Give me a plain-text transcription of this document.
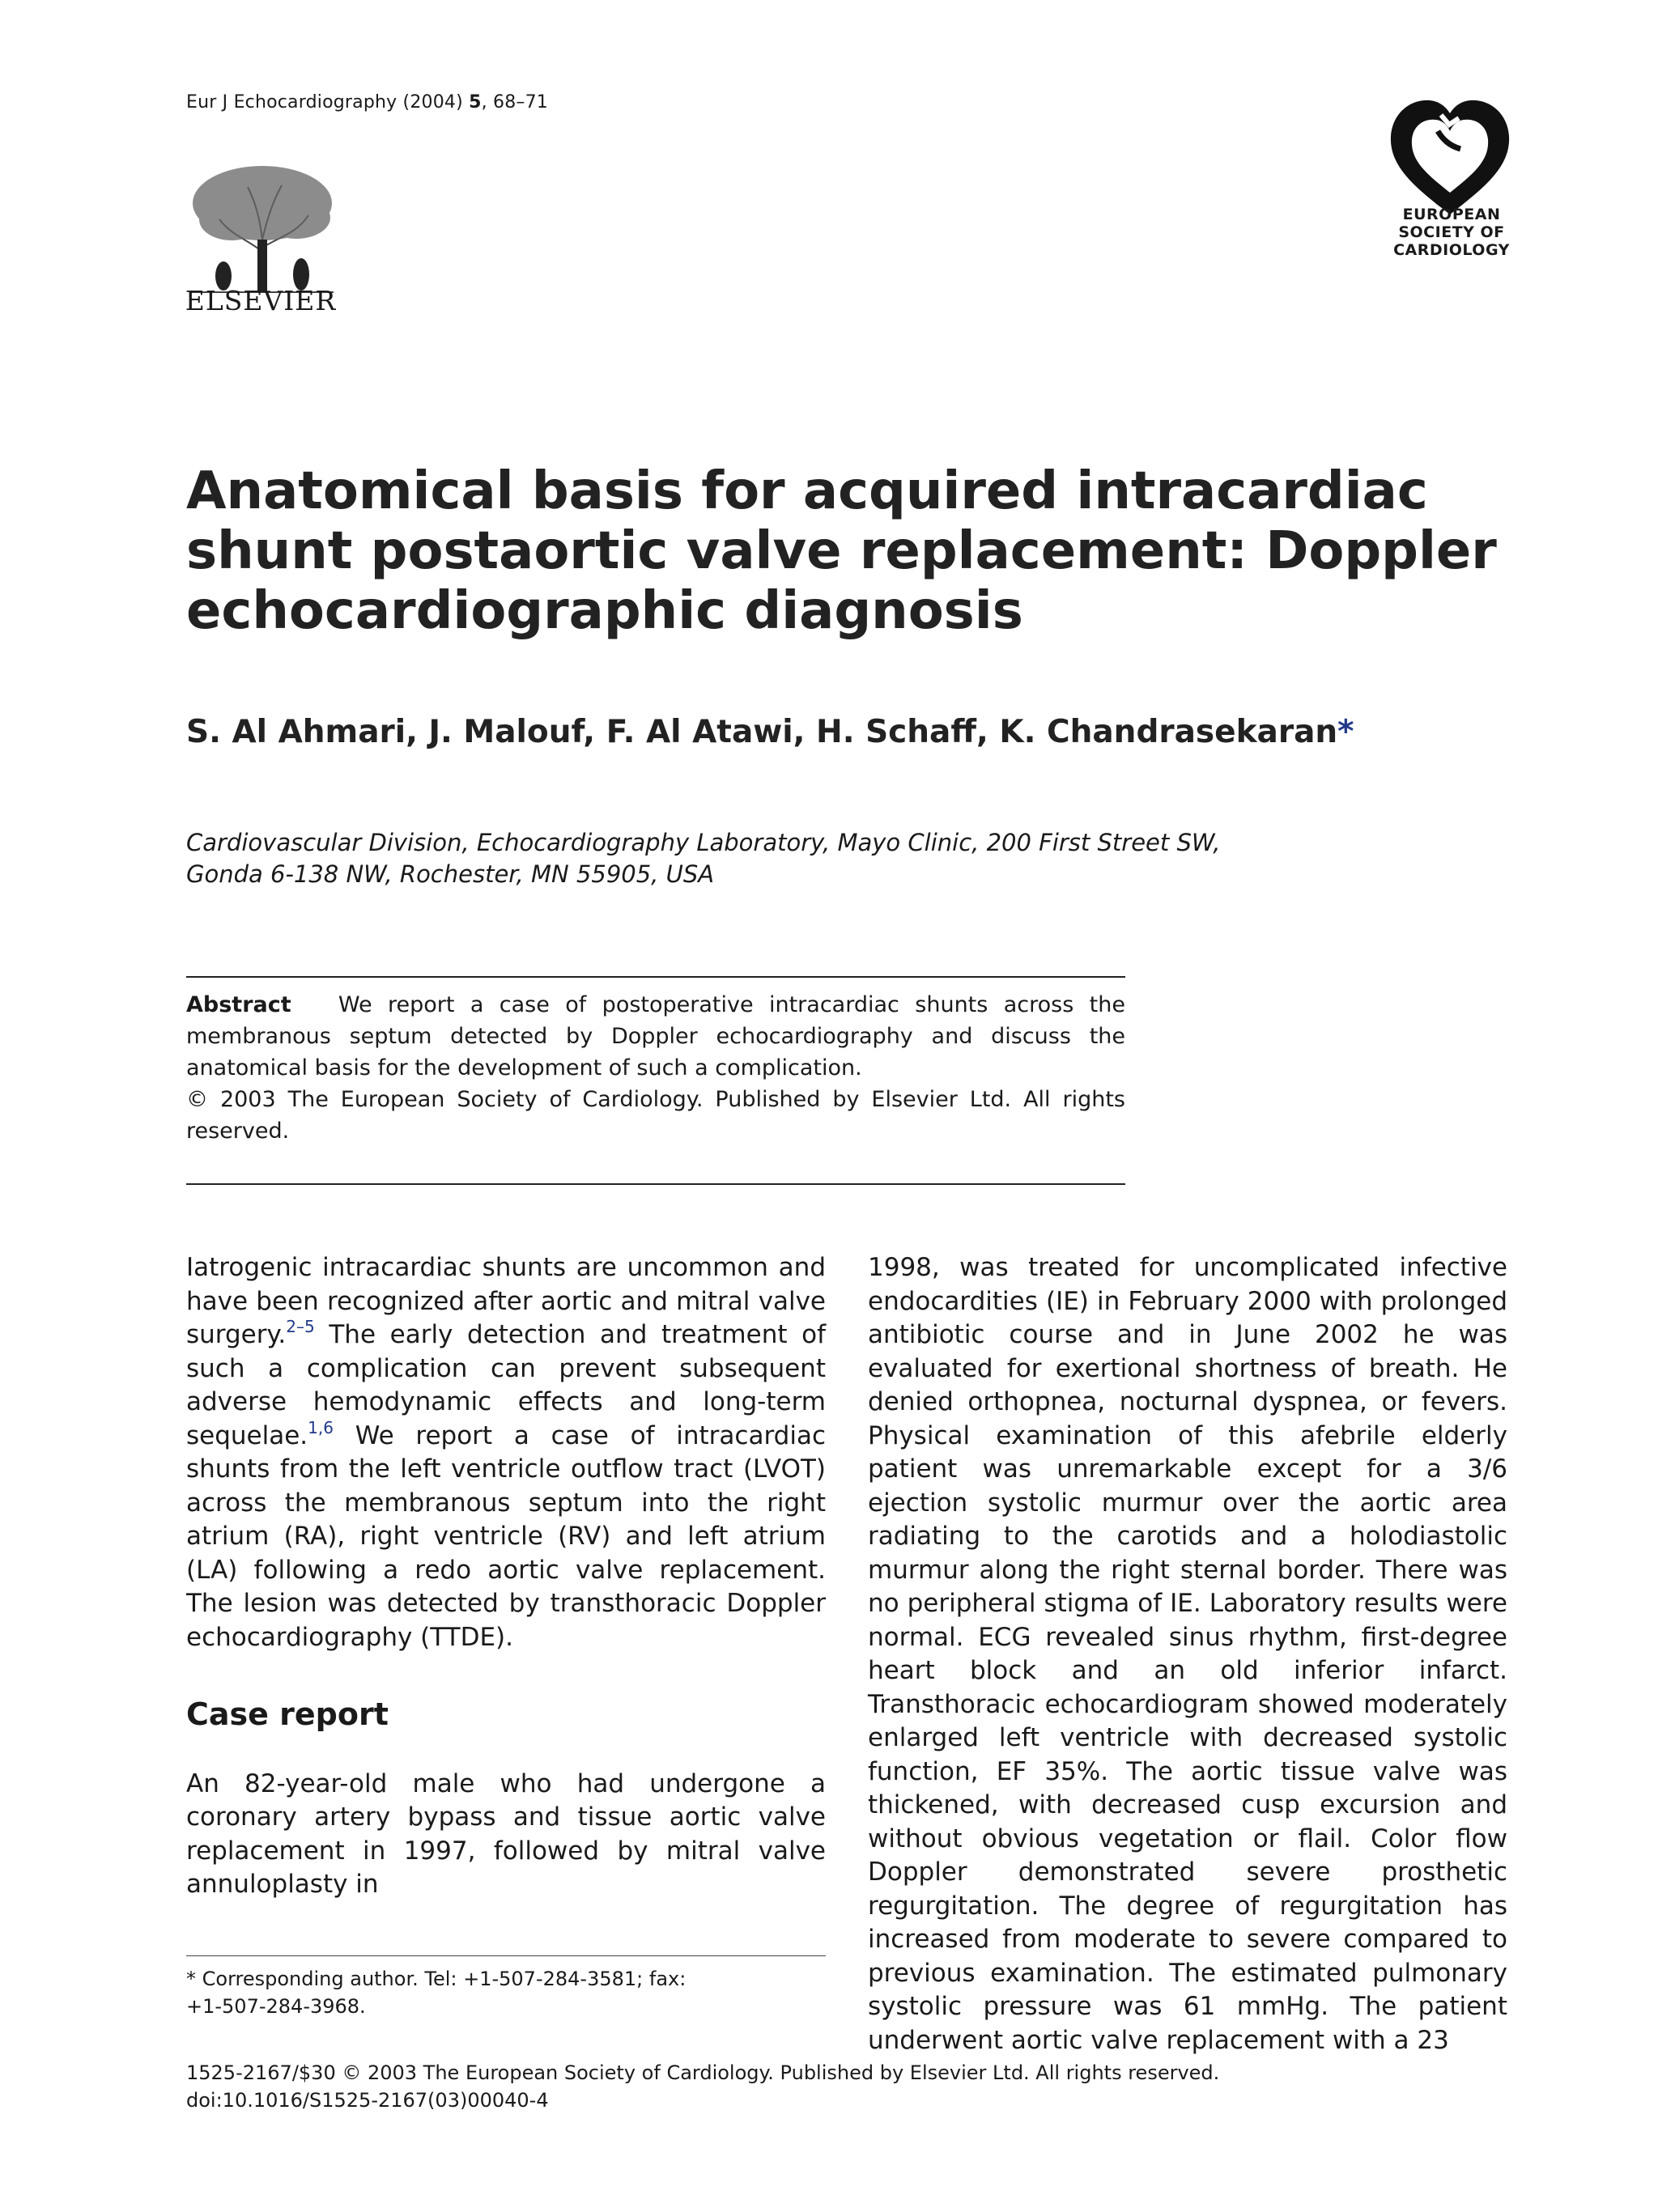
Eur J Echocardiography (2004) 5, 68–71
ELSEVIER
EUROPEAN
SOCIETY OF
CARDIOLOGY
Anatomical basis for acquired intracardiac shunt postaortic valve replacement: Doppler echocardiographic diagnosis
S. Al Ahmari, J. Malouf, F. Al Atawi, H. Schaff, K. Chandrasekaran*
Cardiovascular Division, Echocardiography Laboratory, Mayo Clinic, 200 First Street SW,
Gonda 6-138 NW, Rochester, MN 55905, USA
Abstract We report a case of postoperative intracardiac shunts across the membranous septum detected by Doppler echocardiography and discuss the anatomical basis for the development of such a complication.
© 2003 The European Society of Cardiology. Published by Elsevier Ltd. All rights reserved.

Iatrogenic intracardiac shunts are uncommon and have been recognized after aortic and mitral valve surgery.$^{2-5}$ The early detection and treatment of such a complication can prevent subsequent adverse hemodynamic effects and long-term sequelae.$^{1,6}$ We report a case of intracardiac shunts from the left ventricle outflow tract (LVOT) across the membranous septum into the right atrium (RA), right ventricle (RV) and left atrium (LA) following a redo aortic valve replacement. The lesion was detected by transthoracic Doppler echocardiography (TTDE).

Case report

An 82-year-old male who had undergone a coronary artery bypass and tissue aortic valve replacement in 1997, followed by mitral valve annuloplasty in

1998, was treated for uncomplicated infective endocardities (IE) in February 2000 with prolonged antibiotic course and in June 2002 he was evaluated for exertional shortness of breath. He denied orthopnea, nocturnal dyspnea, or fevers. Physical examination of this afebrile elderly patient was unremarkable except for a 3/6 ejection systolic murmur over the aortic area radiating to the carotids and a holodiastolic murmur along the right sternal border. There was no peripheral stigma of IE. Laboratory results were normal. ECG revealed sinus rhythm, first-degree heart block and an old inferior infarct. Transthoracic echocardiogram showed moderately enlarged left ventricle with decreased systolic function, EF 35%. The aortic tissue valve was thickened, with decreased cusp excursion and without obvious vegetation or flail. Color flow Doppler demonstrated severe prosthetic regurgitation. The degree of regurgitation has increased from moderate to severe compared to previous examination. The estimated pulmonary systolic pressure was 61 mmHg. The patient underwent aortic valve replacement with a 23

* Corresponding author. Tel: +1-507-284-3581; fax:
+1-507-284-3968.
1525-2167/$30 © 2003 The European Society of Cardiology. Published by Elsevier Ltd. All rights reserved.
doi:10.1016/S1525-2167(03)00040-4
